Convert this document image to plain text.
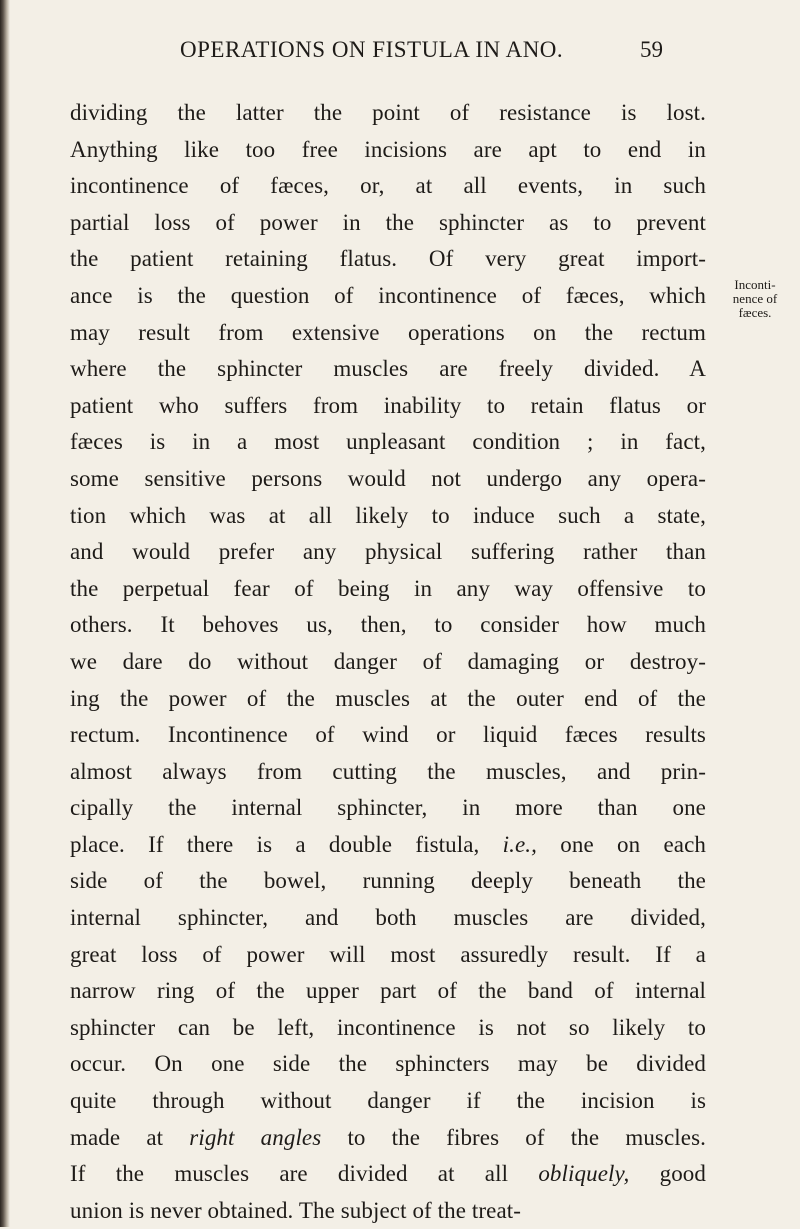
OPERATIONS ON FISTULA IN ANO.	59
Inconti-
nence of
fæces.
dividing the latter the point of resistance is lost.
Anything like too free incisions are apt to end in
incontinence of fæces, or, at all events, in such
partial loss of power in the sphincter as to prevent
the patient retaining flatus. Of very great import-
ance is the question of incontinence of fæces, which
may result from extensive operations on the rectum
where the sphincter muscles are freely divided. A
patient who suffers from inability to retain flatus or
fæces is in a most unpleasant condition ; in fact,
some sensitive persons would not undergo any opera-
tion which was at all likely to induce such a state,
and would prefer any physical suffering rather than
the perpetual fear of being in any way offensive to
others. It behoves us, then, to consider how much
we dare do without danger of damaging or destroy-
ing the power of the muscles at the outer end of the
rectum. Incontinence of wind or liquid fæces results
almost always from cutting the muscles, and prin-
cipally the internal sphincter, in more than one
place. If there is a double fistula, i.e., one on each
side of the bowel, running deeply beneath the
internal sphincter, and both muscles are divided,
great loss of power will most assuredly result. If a
narrow ring of the upper part of the band of internal
sphincter can be left, incontinence is not so likely to
occur. On one side the sphincters may be divided
quite through without danger if the incision is
made at right angles to the fibres of the muscles.
If the muscles are divided at all obliquely, good
union is never obtained. The subject of the treat-
